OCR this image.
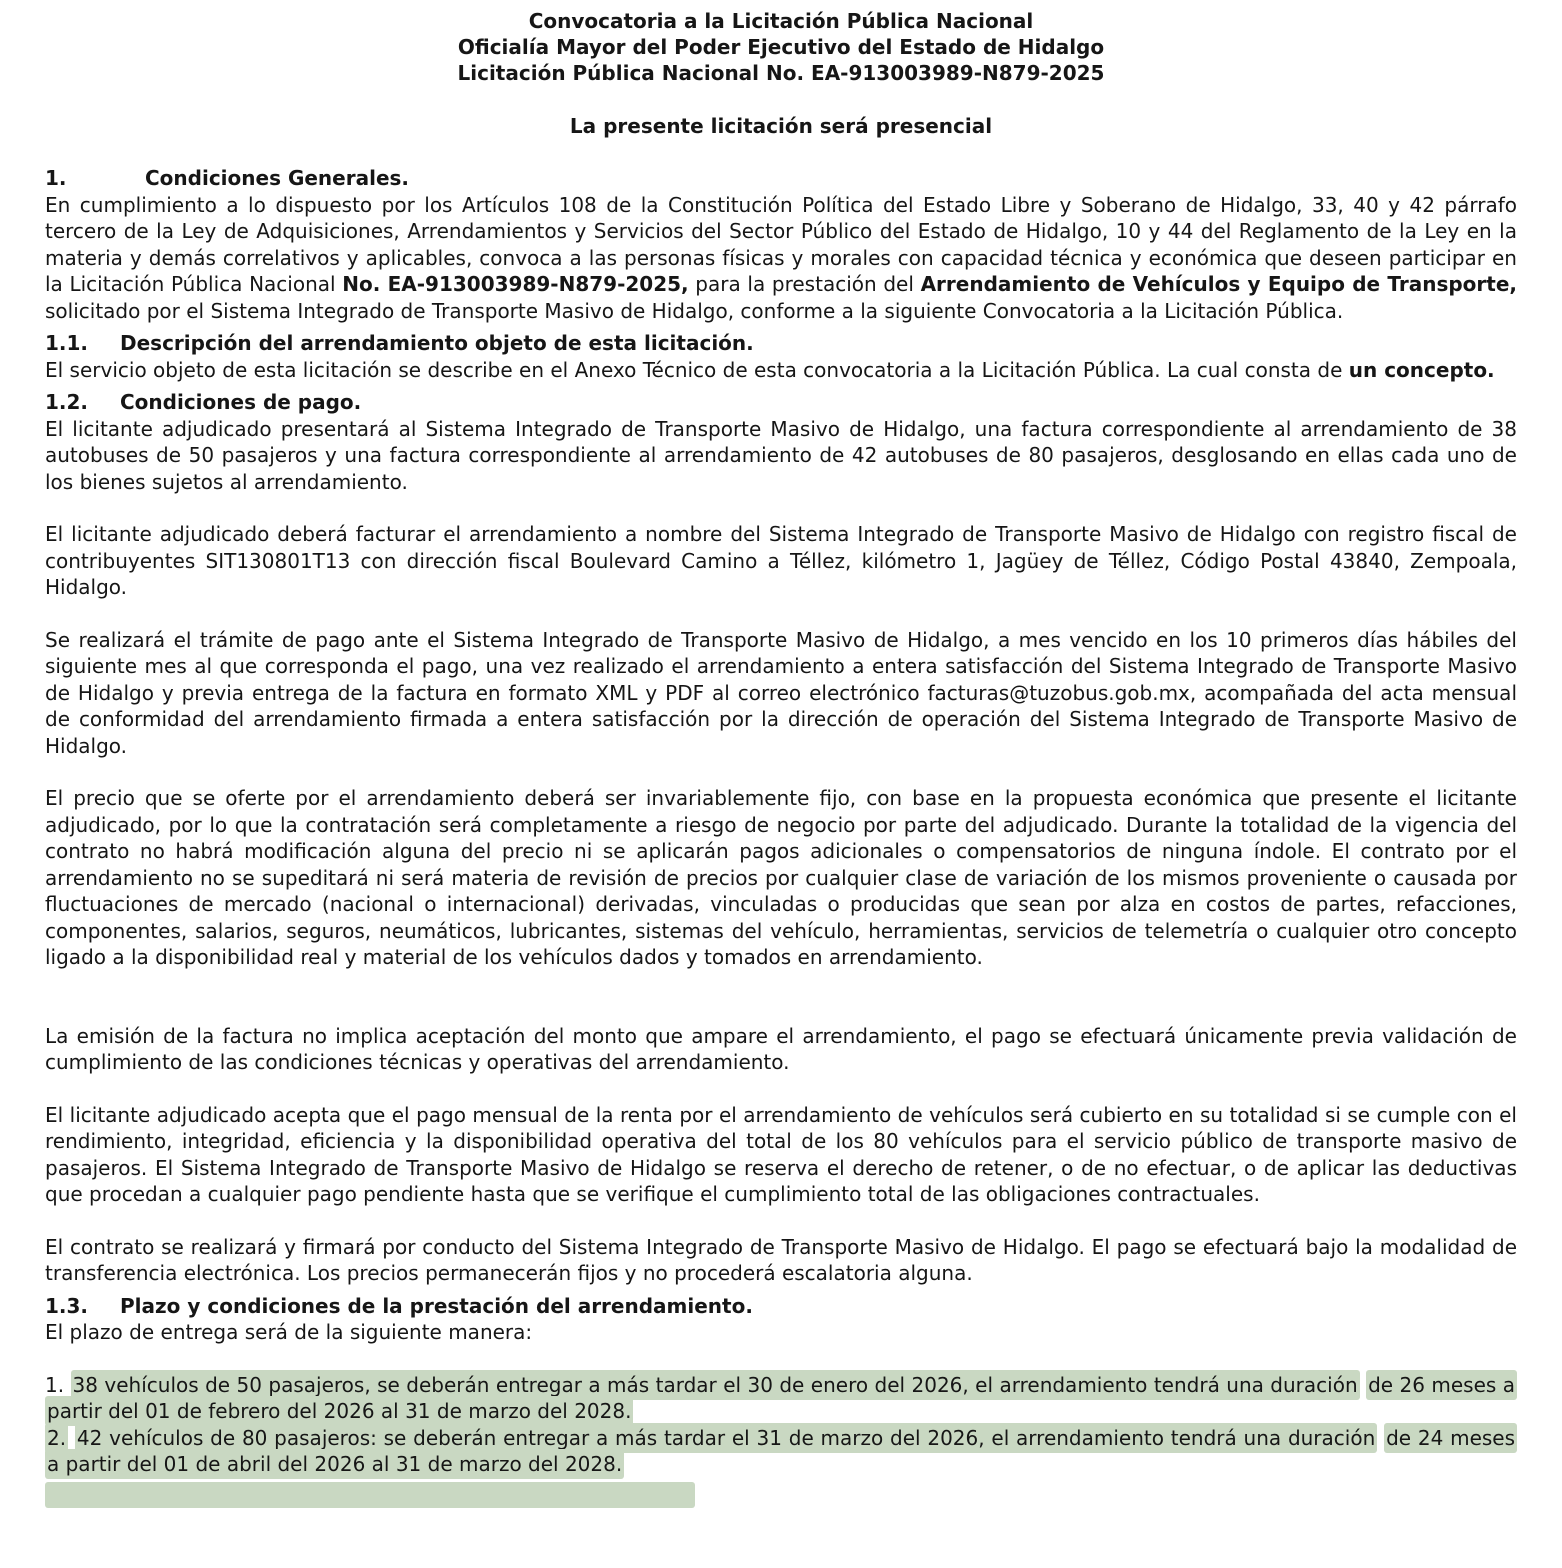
Convocatoria a la Licitación Pública Nacional
Oficialía Mayor del Poder Ejecutivo del Estado de Hidalgo
Licitación Pública Nacional No. EA-913003989-N879-2025
La presente licitación será presencial
1.	Condiciones Generales.

En cumplimiento a lo dispuesto por los Artículos 108 de la Constitución Política del Estado Libre y Soberano de Hidalgo, 33, 40 y 42 párrafo tercero de la Ley de Adquisiciones, Arrendamientos y Servicios del Sector Público del Estado de Hidalgo, 10 y 44 del Reglamento de la Ley en la materia y demás correlativos y aplicables, convoca a las personas físicas y morales con capacidad técnica y económica que deseen participar en la Licitación Pública Nacional No. EA-913003989-N879-2025, para la prestación del Arrendamiento de Vehículos y Equipo de Transporte, solicitado por el Sistema Integrado de Transporte Masivo de Hidalgo, conforme a la siguiente Convocatoria a la Licitación Pública.

1.1.	Descripción del arrendamiento objeto de esta licitación.

El servicio objeto de esta licitación se describe en el Anexo Técnico de esta convocatoria a la Licitación Pública. La cual consta de un concepto.

1.2.	Condiciones de pago.

El licitante adjudicado presentará al Sistema Integrado de Transporte Masivo de Hidalgo, una factura correspondiente al arrendamiento de 38 autobuses de 50 pasajeros y una factura correspondiente al arrendamiento de 42 autobuses de 80 pasajeros, desglosando en ellas cada uno de los bienes sujetos al arrendamiento.

El licitante adjudicado deberá facturar el arrendamiento a nombre del Sistema Integrado de Transporte Masivo de Hidalgo con registro fiscal de contribuyentes SIT130801T13 con dirección fiscal Boulevard Camino a Téllez, kilómetro 1, Jagüey de Téllez, Código Postal 43840, Zempoala, Hidalgo.

Se realizará el trámite de pago ante el Sistema Integrado de Transporte Masivo de Hidalgo, a mes vencido en los 10 primeros días hábiles del siguiente mes al que corresponda el pago, una vez realizado el arrendamiento a entera satisfacción del Sistema Integrado de Transporte Masivo de Hidalgo y previa entrega de la factura en formato XML y PDF al correo electrónico facturas@tuzobus.gob.mx, acompañada del acta mensual de conformidad del arrendamiento firmada a entera satisfacción por la dirección de operación del Sistema Integrado de Transporte Masivo de Hidalgo.

El precio que se oferte por el arrendamiento deberá ser invariablemente fijo, con base en la propuesta económica que presente el licitante adjudicado, por lo que la contratación será completamente a riesgo de negocio por parte del adjudicado. Durante la totalidad de la vigencia del contrato no habrá modificación alguna del precio ni se aplicarán pagos adicionales o compensatorios de ninguna índole. El contrato por el arrendamiento no se supeditará ni será materia de revisión de precios por cualquier clase de variación de los mismos proveniente o causada por fluctuaciones de mercado (nacional o internacional) derivadas, vinculadas o producidas que sean por alza en costos de partes, refacciones, componentes, salarios, seguros, neumáticos, lubricantes, sistemas del vehículo, herramientas, servicios de telemetría o cualquier otro concepto ligado a la disponibilidad real y material de los vehículos dados y tomados en arrendamiento.

La emisión de la factura no implica aceptación del monto que ampare el arrendamiento, el pago se efectuará únicamente previa validación de cumplimiento de las condiciones técnicas y operativas del arrendamiento.

El licitante adjudicado acepta que el pago mensual de la renta por el arrendamiento de vehículos será cubierto en su totalidad si se cumple con el rendimiento, integridad, eficiencia y la disponibilidad operativa del total de los 80 vehículos para el servicio público de transporte masivo de pasajeros. El Sistema Integrado de Transporte Masivo de Hidalgo se reserva el derecho de retener, o de no efectuar, o de aplicar las deductivas que procedan a cualquier pago pendiente hasta que se verifique el cumplimiento total de las obligaciones contractuales.

El contrato se realizará y firmará por conducto del Sistema Integrado de Transporte Masivo de Hidalgo. El pago se efectuará bajo la modalidad de transferencia electrónica. Los precios permanecerán fijos y no procederá escalatoria alguna.

1.3.	Plazo y condiciones de la prestación del arrendamiento.

El plazo de entrega será de la siguiente manera:

1. 38 vehículos de 50 pasajeros, se deberán entregar a más tardar el 30 de enero del 2026, el arrendamiento tendrá una duración de 26 meses a partir del 01 de febrero del 2026 al 31 de marzo del 2028.

2. 42 vehículos de 80 pasajeros: se deberán entregar a más tardar el 31 de marzo del 2026, el arrendamiento tendrá una duración de 24 meses a partir del 01 de abril del 2026 al 31 de marzo del 2028.
